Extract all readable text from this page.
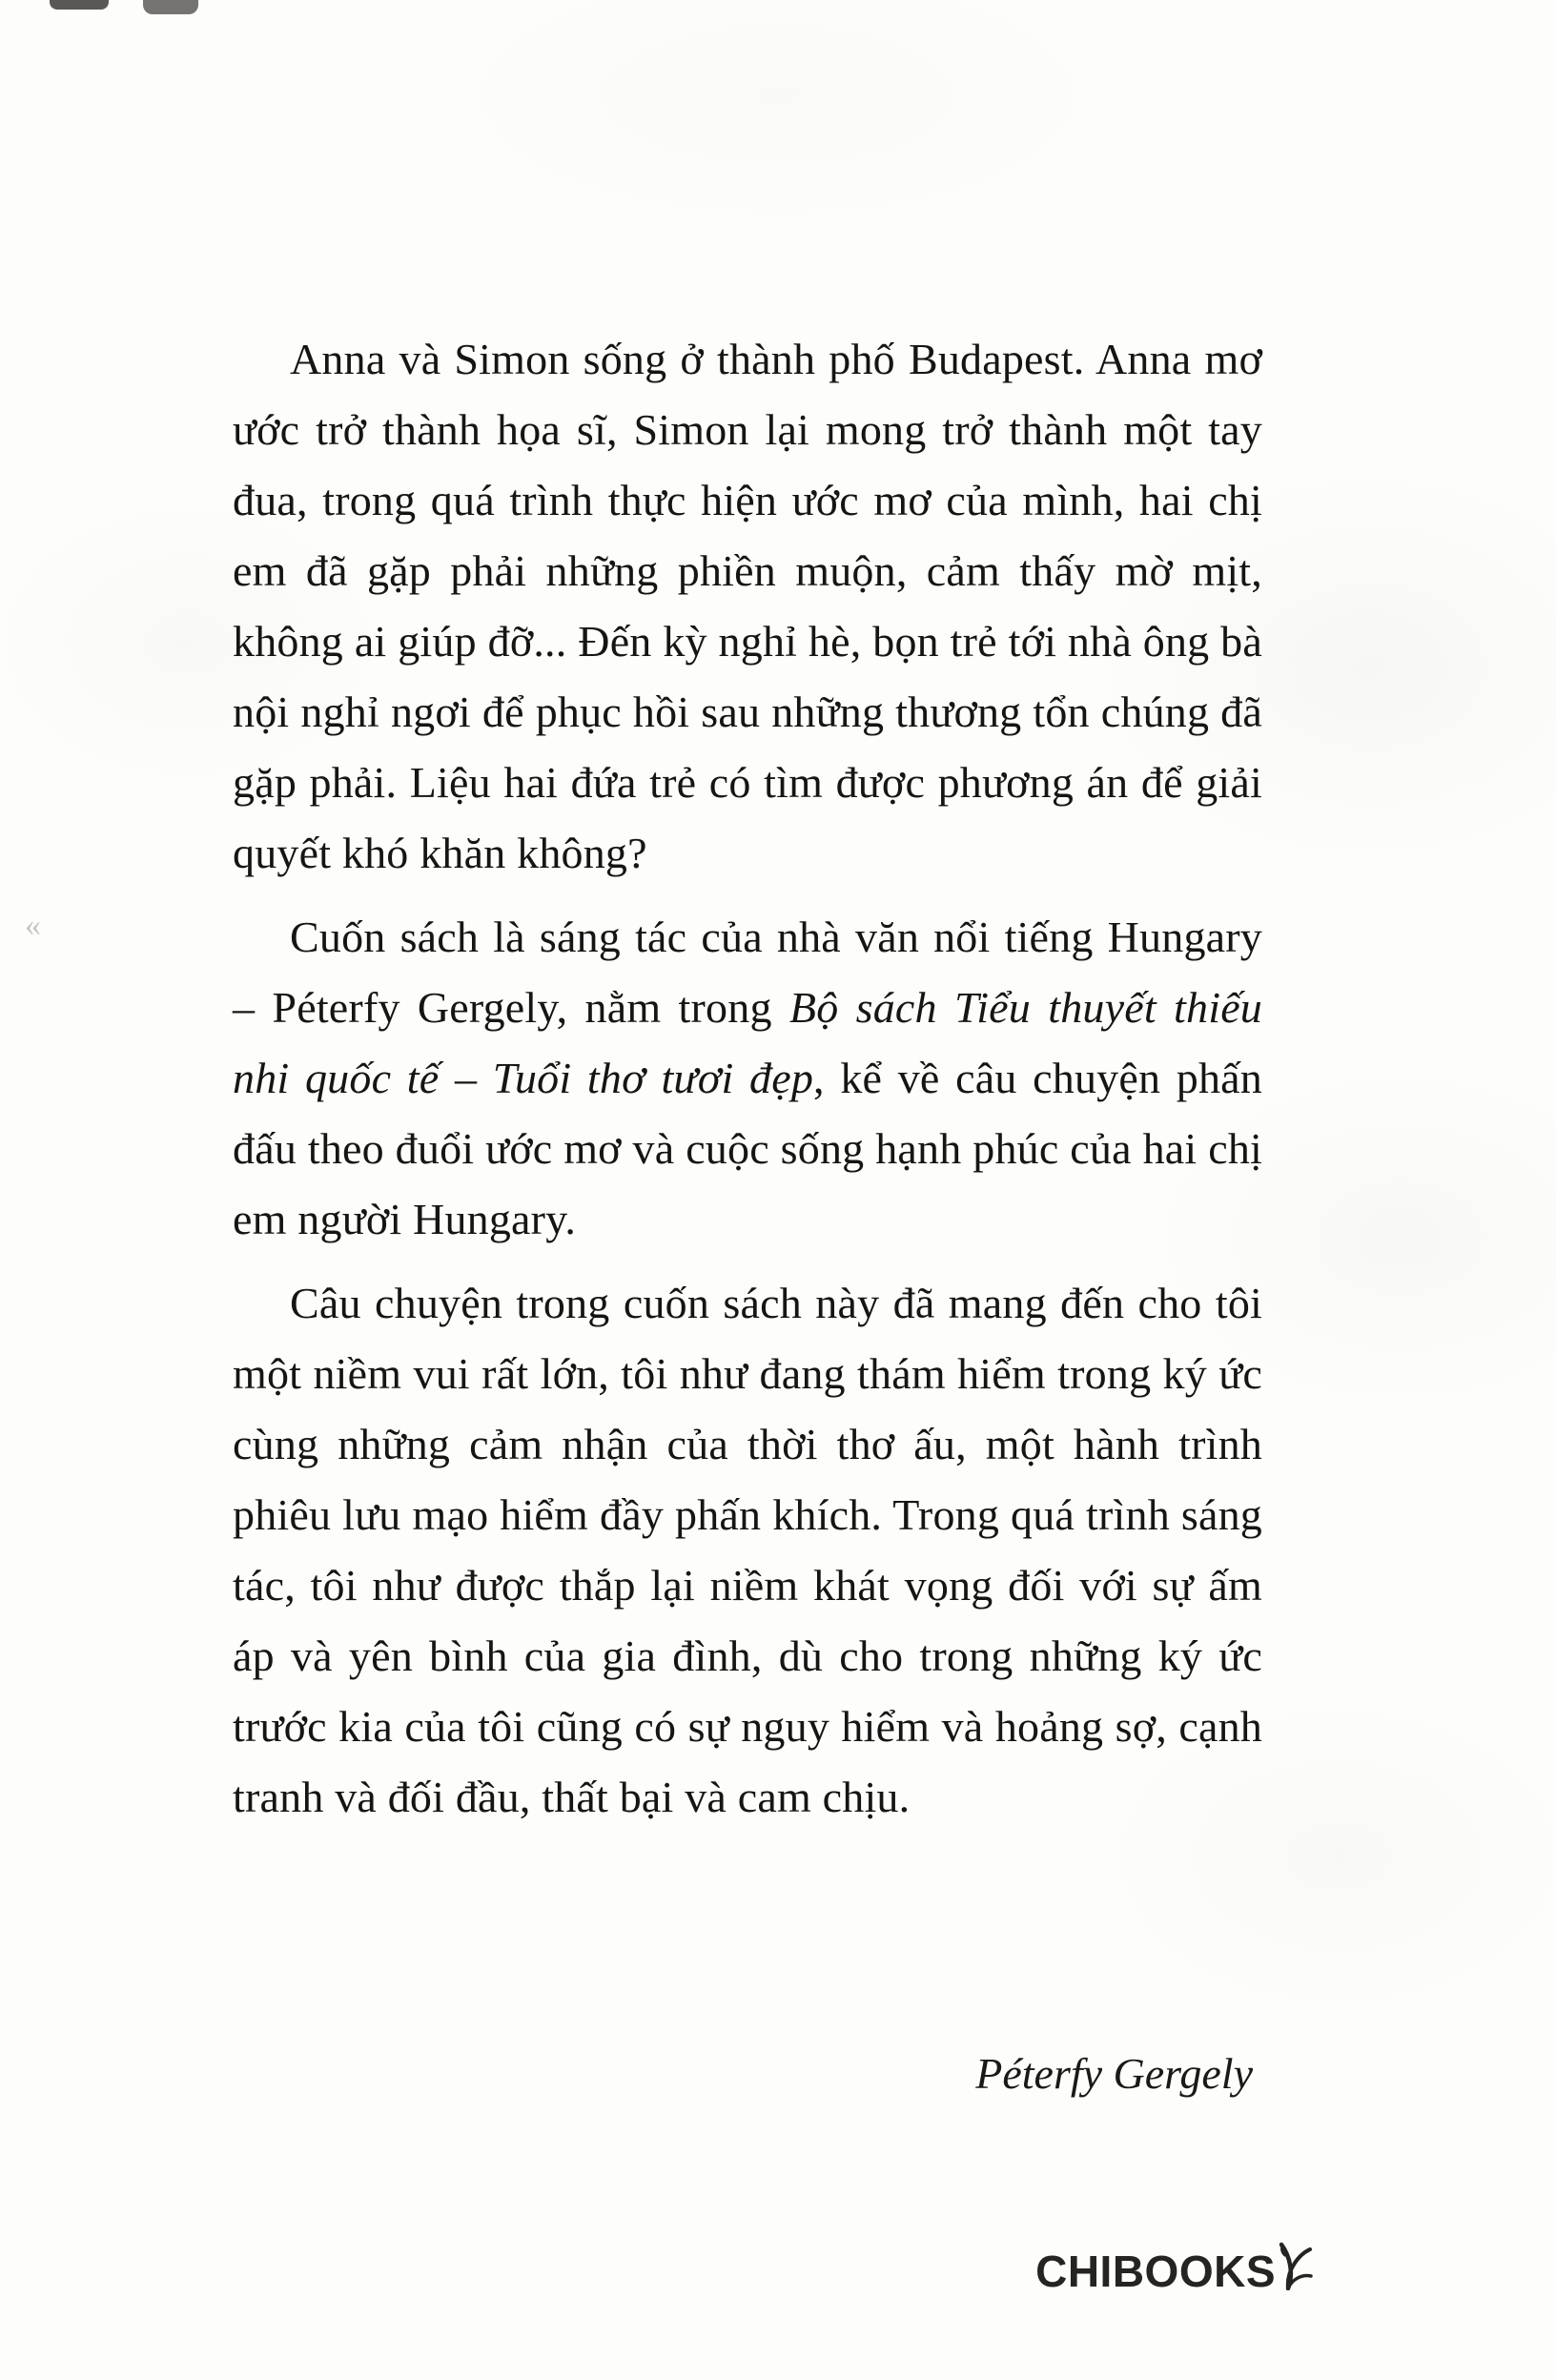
«

Anna và Simon sống ở thành phố Budapest. Anna mơ ước trở thành họa sĩ, Simon lại mong trở thành một tay đua, trong quá trình thực hiện ước mơ của mình, hai chị em đã gặp phải những phiền muộn, cảm thấy mờ mịt, không ai giúp đỡ... Đến kỳ nghỉ hè, bọn trẻ tới nhà ông bà nội nghỉ ngơi để phục hồi sau những thương tổn chúng đã gặp phải. Liệu hai đứa trẻ có tìm được phương án để giải quyết khó khăn không?

Cuốn sách là sáng tác của nhà văn nổi tiếng Hungary – Péterfy Gergely, nằm trong Bộ sách Tiểu thuyết thiếu nhi quốc tế – Tuổi thơ tươi đẹp, kể về câu chuyện phấn đấu theo đuổi ước mơ và cuộc sống hạnh phúc của hai chị em người Hungary.

Câu chuyện trong cuốn sách này đã mang đến cho tôi một niềm vui rất lớn, tôi như đang thám hiểm trong ký ức cùng những cảm nhận của thời thơ ấu, một hành trình phiêu lưu mạo hiểm đầy phấn khích. Trong quá trình sáng tác, tôi như được thắp lại niềm khát vọng đối với sự ấm áp và yên bình của gia đình, dù cho trong những ký ức trước kia của tôi cũng có sự nguy hiểm và hoảng sợ, cạnh tranh và đối đầu, thất bại và cam chịu.

Péterfy Gergely
CHIBOOKS
